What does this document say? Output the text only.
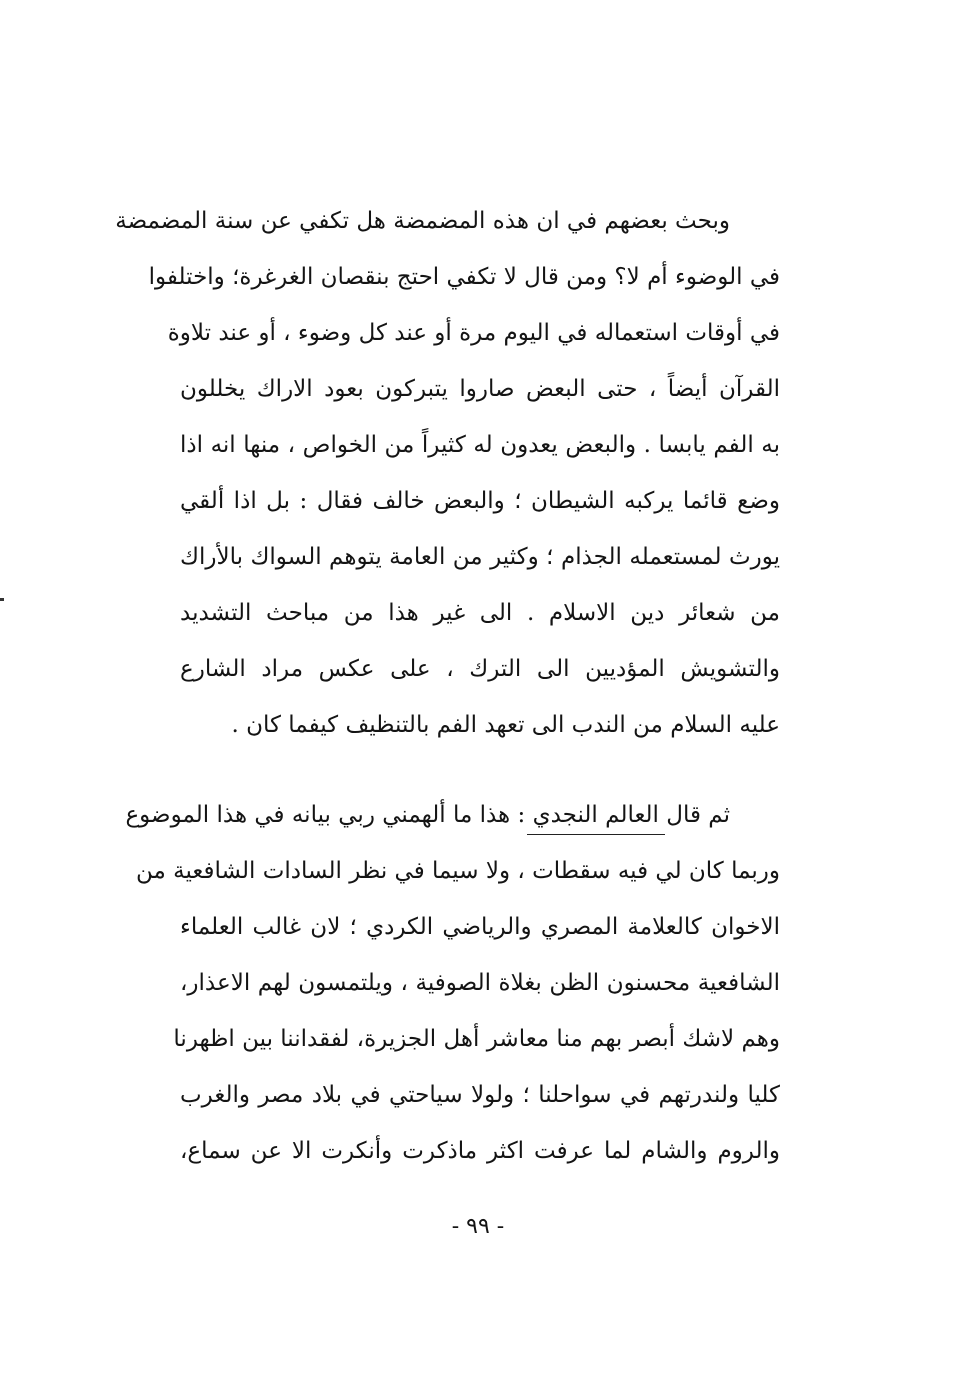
وبحث بعضهم في ان هذه المضمضة هل تكفي عن سنة المضمضة
في الوضوء أم لا؟ ومن قال لا تكفي احتج بنقصان الغرغرة؛ واختلفوا
في أوقات استعماله في اليوم مرة أو عند كل وضوء ، أو عند تلاوة
القرآن أيضاً ، حتى البعض صاروا يتبركون بعود الاراك يخللون
به الفم يابسا . والبعض يعدون له كثيراً من الخواص ، منها انه اذا
وضع قائما يركبه الشيطان ؛ والبعض خالف فقال : بل اذا ألقي
يورث لمستعمله الجذام ؛ وكثير من العامة يتوهم السواك بالأراك
من شعائر دين الاسلام . الى غير هذا من مباحث التشديد
والتشويش المؤديين الى الترك ، على عكس مراد الشارع
عليه السلام من الندب الى تعهد الفم بالتنظيف كيفما كان .
ثم قال العالم النجدي : هذا ما ألهمني ربي بيانه في هذا الموضوع
وربما كان لي فيه سقطات ، ولا سيما في نظر السادات الشافعية من
الاخوان كالعلامة المصري والرياضي الكردي ؛ لان غالب العلماء
الشافعية محسنون الظن بغلاة الصوفية ، ويلتمسون لهم الاعذار،
وهم لاشك أبصر بهم منا معاشر أهل الجزيرة، لفقداننا بين اظهرنا
كليا ولندرتهم في سواحلنا ؛ ولولا سياحتي في بلاد مصر والغرب
والروم والشام لما عرفت اكثر ماذكرت وأنكرت الا عن سماع،
- ٩٩ -
